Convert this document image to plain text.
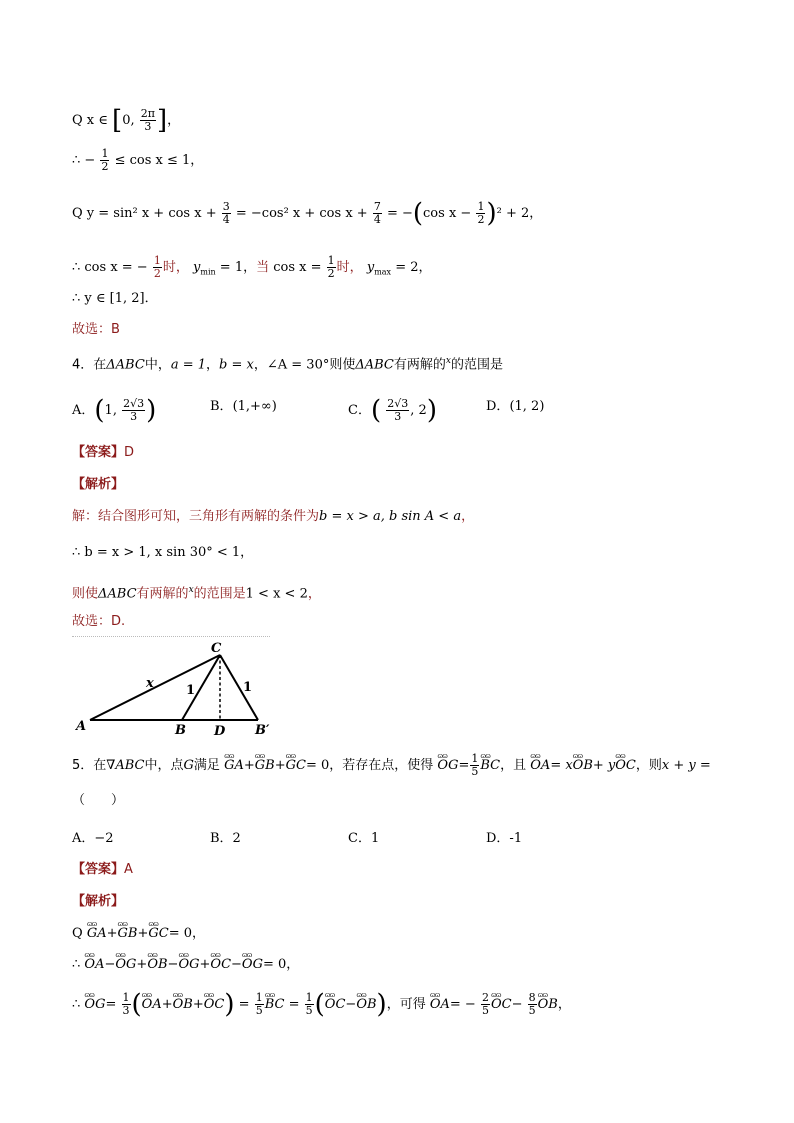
Q x ∈ [0, $\frac{2\pi}{3}$ ]，
∴ − $\frac{1}{2} \le \cos x \le 1$，
Q y = sin² $x + \cos x + \frac{3}{4} = -\cos^2$ $x + \cos x + \frac{7}{4} = -(\cos$ $x - \frac{1}{2} )^2 + 2$，
∴ cos x = − $\frac{1}{2}$ 时， $y_{min} = 1$，当 $\cos x = \frac{1}{2}$ 时， $y_{max} = 2$，
∴ y ∈ [1, 2]．
故选：B
4．在ΔABC中，a = 1，b = x，∠A = 30°则使ΔABC有两解的$^x$的范围是
A．(1, $\frac{2√3}{3}$ )	B．(1,+∞)	C．( $\frac{2√3}{3}$ , 2)	D．(1, 2)
【答案】D
【解析】
解：结合图形可知，三角形有两解的条件为b = x > a, b sin A < a，
∴ b = x > 1, x sin 30° < 1，
则使ΔABC有两解的$^x$的范围是1 < x < 2，
故选：D.
A	B D B′
C
x 1	1
5．在∇ABC中，点G满足 ɷɷ GA+ɷɷ GB+ɷɷ GC= 0，若存在点，使得 ɷɷ $OG= \frac{1}{5}$ ɷɷ BC，且 ɷɷ OA= xɷɷ OB+ yɷɷ OC，则x + y =
（　　）
A．−2	B．2	C．1	D．-1
【答案】A
【解析】
Q ɷɷ GA+ɷɷ GB+ɷɷ GC= 0，
∴ ɷɷ OA−ɷɷ OG+ɷɷ OB−ɷɷ OG+ɷɷ OC−ɷɷ OG= 0，
∴ ɷɷ $OG= \frac{1}{3}$ (ɷɷ OA+ɷɷ OB+ɷɷ $OC) = \frac{1}{5}$ ɷɷ BC = $\frac{1}{5}$ (ɷɷ OC−ɷɷ OB)，可得 ɷɷ $OA= - \frac{2}{5}$ ɷɷ $OC- \frac{8}{5}$ ɷɷ OB，
